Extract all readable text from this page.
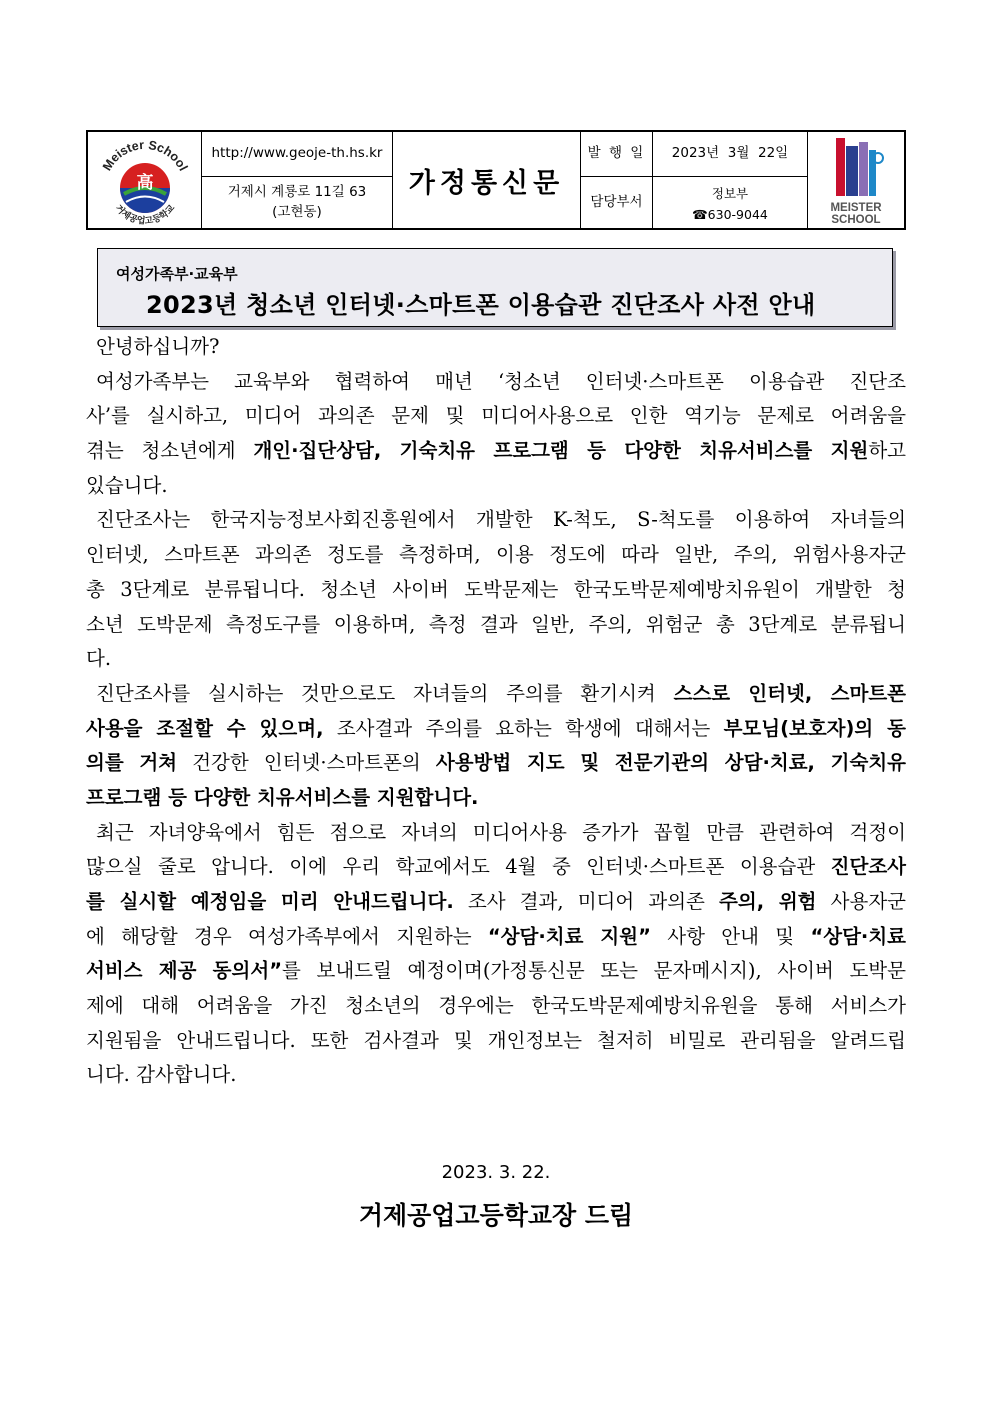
Meister School
高
거제공업고등학교
http://www.geoje-th.hs.kr
거제시 계룡로 11길 63
(고현동)
가정통신문
발 행 일	2023년  3월  22일
담당부서
정보부
☎630-9044	MEISTER
SCHOOL
여성가족부·교육부
2023년 청소년 인터넷·스마트폰 이용습관 진단조사 사전 안내
안녕하십니까?
여성가족부는 교육부와 협력하여 매년 ‘청소년 인터넷·스마트폰 이용습관 진단조
사’를 실시하고, 미디어 과의존 문제 및 미디어사용으로 인한 역기능 문제로 어려움을
겪는 청소년에게 개인·집단상담, 기숙치유 프로그램 등 다양한 치유서비스를 지원하고
있습니다.
진단조사는 한국지능정보사회진흥원에서 개발한 K-척도, S-척도를 이용하여 자녀들의
인터넷, 스마트폰 과의존 정도를 측정하며, 이용 정도에 따라 일반, 주의, 위험사용자군
총 3단계로 분류됩니다. 청소년 사이버 도박문제는 한국도박문제예방치유원이 개발한 청
소년 도박문제 측정도구를 이용하며, 측정 결과 일반, 주의, 위험군 총 3단계로 분류됩니
다.
진단조사를 실시하는 것만으로도 자녀들의 주의를 환기시켜 스스로 인터넷, 스마트폰
사용을 조절할 수 있으며, 조사결과 주의를 요하는 학생에 대해서는 부모님(보호자)의 동
의를 거쳐 건강한 인터넷·스마트폰의 사용방법 지도 및 전문기관의 상담·치료, 기숙치유
프로그램 등 다양한 치유서비스를 지원합니다.
최근 자녀양육에서 힘든 점으로 자녀의 미디어사용 증가가 꼽힐 만큼 관련하여 걱정이
많으실 줄로 압니다. 이에 우리 학교에서도 4월 중 인터넷·스마트폰 이용습관 진단조사
를 실시할 예정임을 미리 안내드립니다. 조사 결과, 미디어 과의존 주의, 위험 사용자군
에 해당할 경우 여성가족부에서 지원하는 “상담·치료 지원” 사항 안내 및 “상담·치료
서비스 제공 동의서”를 보내드릴 예정이며(가정통신문 또는 문자메시지), 사이버 도박문
제에 대해 어려움을 가진 청소년의 경우에는 한국도박문제예방치유원을 통해 서비스가
지원됨을 안내드립니다. 또한 검사결과 및 개인정보는 철저히 비밀로 관리됨을 알려드립
니다. 감사합니다.
2023. 3. 22.
거제공업고등학교장 드림
